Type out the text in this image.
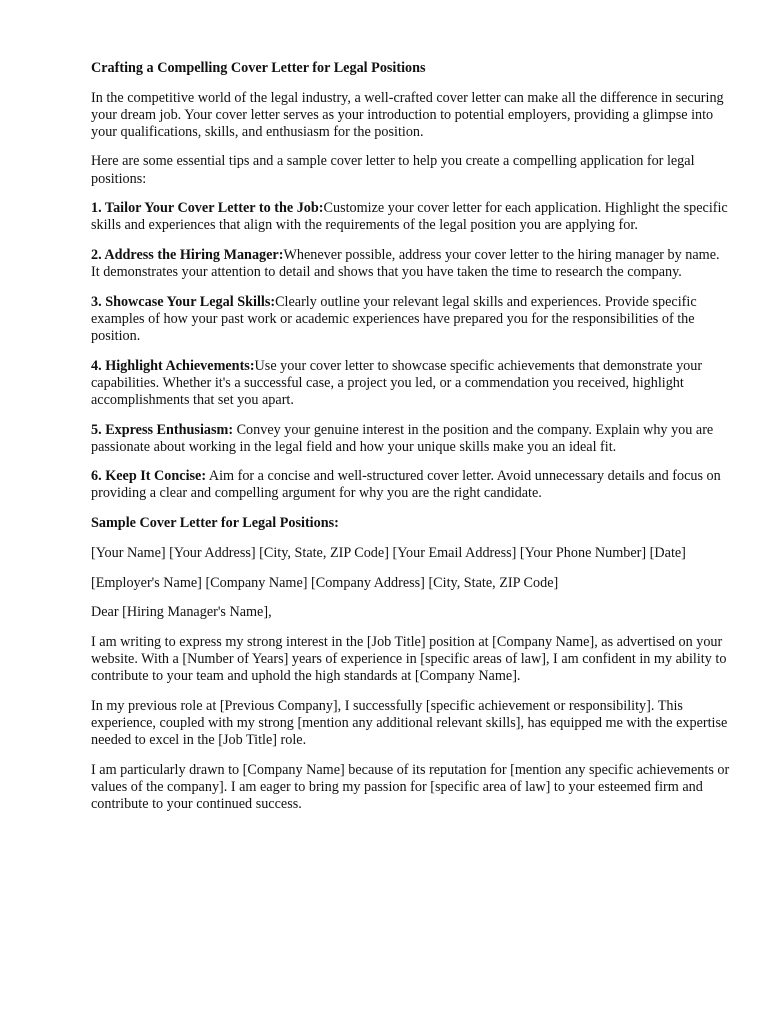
Crafting a Compelling Cover Letter for Legal Positions
In the competitive world of the legal industry, a well-crafted cover letter can make all the difference in securing your dream job. Your cover letter serves as your introduction to potential employers, providing a glimpse into your qualifications, skills, and enthusiasm for the position.
Here are some essential tips and a sample cover letter to help you create a compelling application for legal positions:
1. Tailor Your Cover Letter to the Job:Customize your cover letter for each application. Highlight the specific skills and experiences that align with the requirements of the legal position you are applying for.
2. Address the Hiring Manager:Whenever possible, address your cover letter to the hiring manager by name. It demonstrates your attention to detail and shows that you have taken the time to research the company.
3. Showcase Your Legal Skills:Clearly outline your relevant legal skills and experiences. Provide specific examples of how your past work or academic experiences have prepared you for the responsibilities of the position.
4. Highlight Achievements:Use your cover letter to showcase specific achievements that demonstrate your capabilities. Whether it's a successful case, a project you led, or a commendation you received, highlight accomplishments that set you apart.
5. Express Enthusiasm: Convey your genuine interest in the position and the company. Explain why you are passionate about working in the legal field and how your unique skills make you an ideal fit.
6. Keep It Concise: Aim for a concise and well-structured cover letter. Avoid unnecessary details and focus on providing a clear and compelling argument for why you are the right candidate.
Sample Cover Letter for Legal Positions:
[Your Name] [Your Address] [City, State, ZIP Code] [Your Email Address] [Your Phone Number] [Date]
[Employer's Name] [Company Name] [Company Address] [City, State, ZIP Code]
Dear [Hiring Manager's Name],
I am writing to express my strong interest in the [Job Title] position at [Company Name], as advertised on your website. With a [Number of Years] years of experience in [specific areas of law], I am confident in my ability to contribute to your team and uphold the high standards at [Company Name].
In my previous role at [Previous Company], I successfully [specific achievement or responsibility]. This experience, coupled with my strong [mention any additional relevant skills], has equipped me with the expertise needed to excel in the [Job Title] role.
I am particularly drawn to [Company Name] because of its reputation for [mention any specific achievements or values of the company]. I am eager to bring my passion for [specific area of law] to your esteemed firm and contribute to your continued success.
